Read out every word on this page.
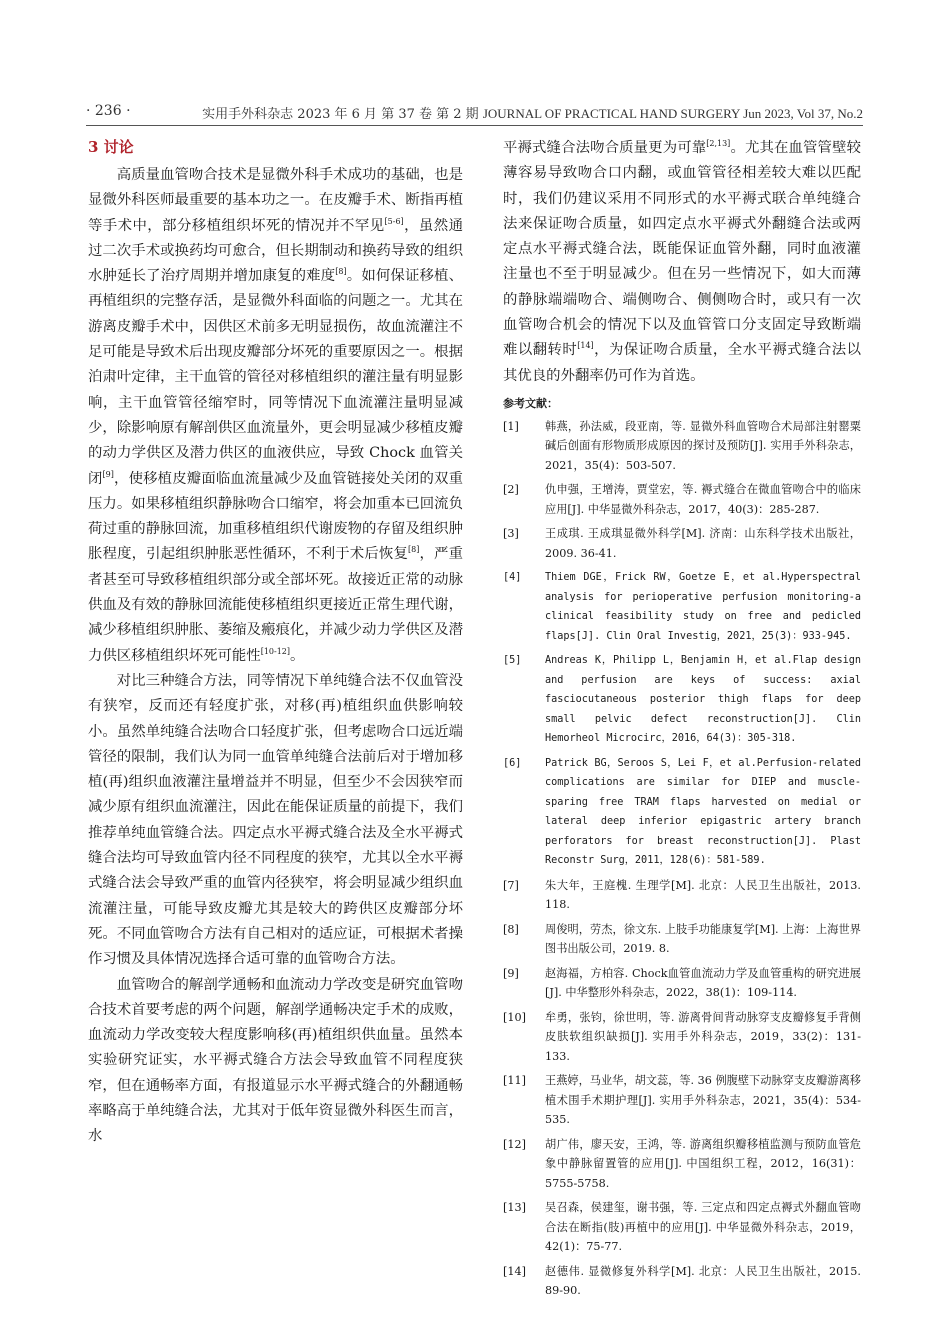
· 236 ·	实用手外科杂志 2023 年 6 月 第 37 卷 第 2 期 JOURNAL OF PRACTICAL HAND SURGERY Jun 2023, Vol 37, No.2
3 讨论

高质量血管吻合技术是显微外科手术成功的基础，也是显微外科医师最重要的基本功之一。在皮瓣手术、断指再植等手术中，部分移植组织坏死的情况并不罕见[5-6]，虽然通过二次手术或换药均可愈合，但长期制动和换药导致的组织水肿延长了治疗周期并增加康复的难度[8]。如何保证移植、再植组织的完整存活，是显微外科面临的问题之一。尤其在游离皮瓣手术中，因供区术前多无明显损伤，故血流灌注不足可能是导致术后出现皮瓣部分坏死的重要原因之一。根据泊肃叶定律，主干血管的管径对移植组织的灌注量有明显影响，主干血管管径缩窄时，同等情况下血流灌注量明显减少，除影响原有解剖供区血流量外，更会明显减少移植皮瓣的动力学供区及潜力供区的血液供应，导致 Chock 血管关闭[9]，使移植皮瓣面临血流量减少及血管链接处关闭的双重压力。如果移植组织静脉吻合口缩窄，将会加重本已回流负荷过重的静脉回流，加重移植组织代谢废物的存留及组织肿胀程度，引起组织肿胀恶性循环，不利于术后恢复[8]，严重者甚至可导致移植组织部分或全部坏死。故接近正常的动脉供血及有效的静脉回流能使移植组织更接近正常生理代谢，减少移植组织肿胀、萎缩及瘢痕化，并减少动力学供区及潜力供区移植组织坏死可能性[10-12]。

对比三种缝合方法，同等情况下单纯缝合法不仅血管没有狭窄，反而还有轻度扩张，对移(再)植组织血供影响较小。虽然单纯缝合法吻合口轻度扩张，但考虑吻合口远近端管径的限制，我们认为同一血管单纯缝合法前后对于增加移植(再)组织血液灌注量增益并不明显，但至少不会因狭窄而减少原有组织血流灌注，因此在能保证质量的前提下，我们推荐单纯血管缝合法。四定点水平褥式缝合法及全水平褥式缝合法均可导致血管内径不同程度的狭窄，尤其以全水平褥式缝合法会导致严重的血管内径狭窄，将会明显减少组织血流灌注量，可能导致皮瓣尤其是较大的跨供区皮瓣部分坏死。不同血管吻合方法有自己相对的适应证，可根据术者操作习惯及具体情况选择合适可靠的血管吻合方法。

血管吻合的解剖学通畅和血流动力学改变是研究血管吻合技术首要考虑的两个问题，解剖学通畅决定手术的成败，血流动力学改变较大程度影响移(再)植组织供血量。虽然本实验研究证实，水平褥式缝合方法会导致血管不同程度狭窄，但在通畅率方面，有报道显示水平褥式缝合的外翻通畅率略高于单纯缝合法，尤其对于低年资显微外科医生而言，水

平褥式缝合法吻合质量更为可靠[2,13]。尤其在血管管壁较薄容易导致吻合口内翻，或血管管径相差较大难以匹配时，我们仍建议采用不同形式的水平褥式联合单纯缝合法来保证吻合质量，如四定点水平褥式外翻缝合法或两定点水平褥式缝合法，既能保证血管外翻，同时血液灌注量也不至于明显减少。但在另一些情况下，如大而薄的静脉端端吻合、端侧吻合、侧侧吻合时，或只有一次血管吻合机会的情况下以及血管管口分支固定导致断端难以翻转时[14]，为保证吻合质量，全水平褥式缝合法以其优良的外翻率仍可作为首选。

参考文献：
[1]	韩燕，孙法威，段亚南，等. 显微外科血管吻合术局部注射罂粟碱后创面有形物质形成原因的探讨及预防[J]. 实用手外科杂志，2021，35(4)：503-507.
[2]	仇申强，王增涛，贾堂宏，等. 褥式缝合在微血管吻合中的临床应用[J]. 中华显微外科杂志，2017，40(3)：285-287.
[3]	王成琪. 王成琪显微外科学[M]. 济南：山东科学技术出版社，2009. 36-41.
[4]	Thiem DGE，Frick RW，Goetze E，et al.Hyperspectral analysis for perioperative perfusion monitoring-a clinical feasibility study on free and pedicled flaps[J]. Clin Oral Investig，2021，25(3)：933-945.
[5]	Andreas K，Philipp L，Benjamin H，et al.Flap design and perfusion are keys of success: axial fasciocutaneous posterior thigh flaps for deep small pelvic defect reconstruction[J]. Clin Hemorheol Microcirc，2016，64(3)：305-318.
[6]	Patrick BG，Seroos S，Lei F，et al.Perfusion-related complications are similar for DIEP and muscle-sparing free TRAM flaps harvested on medial or lateral deep inferior epigastric artery branch perforators for breast reconstruction[J]. Plast Reconstr Surg，2011，128(6)：581-589.
[7]	朱大年，王庭槐. 生理学[M]. 北京：人民卫生出版社，2013. 118.
[8]	周俊明，劳杰，徐文东. 上肢手功能康复学[M]. 上海：上海世界图书出版公司，2019. 8.
[9]	赵海福，方柏容. Chock血管血流动力学及血管重构的研究进展[J]. 中华整形外科杂志，2022，38(1)：109-114.
[10]	牟勇，张钧，徐世明，等. 游离骨间背动脉穿支皮瓣修复手背侧皮肤软组织缺损[J]. 实用手外科杂志，2019，33(2)：131-133.
[11]	王燕婷，马业华，胡文蕊，等. 36 例腹壁下动脉穿支皮瓣游离移植术围手术期护理[J]. 实用手外科杂志，2021，35(4)：534-535.
[12]	胡广伟，廖天安，王鸿，等. 游离组织瓣移植监测与预防血管危象中静脉留置管的应用[J]. 中国组织工程，2012，16(31)：5755-5758.
[13]	吴召森，侯建玺，谢书强，等. 三定点和四定点褥式外翻血管吻合法在断指(肢)再植中的应用[J]. 中华显微外科杂志，2019，42(1)：75-77.
[14]	赵德伟. 显微修复外科学[M]. 北京：人民卫生出版社，2015. 89-90.
